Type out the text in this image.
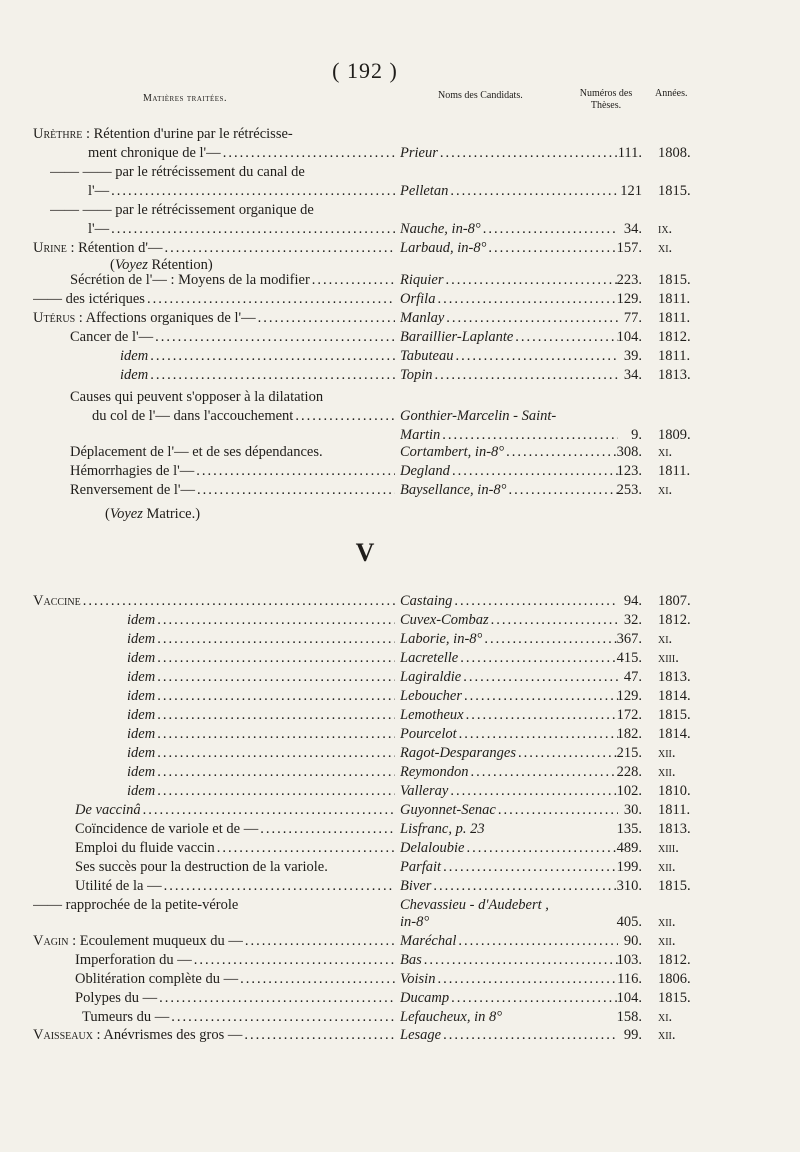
( 192 )
Matières traitées.	Noms des Candidats.	Numéros des Thèses.
Années.
Urèthre : Rétention d'urine par le rétrécisse-
ment chronique de l'— .....	Prieur .....	111. 1808.
—— —— par le rétrécissement du canal de
l'— .....	Pelletan .....	121 1815.
—— —— par le rétrécissement organique de
l'— .....	Nauche, in-8° .....	34. ix.
Urine : Rétention d'— .....	Larbaud, in-8° .....	157. xi.
(Voyez Rétention)
Sécrétion de l'— : Moyens de la modifier .....	Riquier .....	223. 1815.
—— des ictériques .....	Orfila .....	129. 1811.
Utérus : Affections organiques de l'— .....	Manlay .....	77. 1811.
Cancer de l'— .....	Baraillier-Laplante .....	104. 1812.
idem .....	Tabuteau .....	39. 1811.
idem .....	Topin .....	34. 1813.
Causes qui peuvent s'opposer à la dilatation
du col de l'— dans l'accouchement .....	Gonthier-Marcelin - Saint-
Martin .....	9. 1809.
Déplacement de l'— et de ses dépendances.	Cortambert, in-8° .....	308. xi.
Hémorrhagies de l'— .....	Degland .....	123. 1811.
Renversement de l'— .....	Baysellance, in-8° .....	253. xi.
(Voyez Matrice.)
V
Vaccine .....	Castaing .....	94. 1807.
idem .....	Cuvex-Combaz .....	32. 1812.
idem .....	Laborie, in-8° .....	367. xi.
idem .....	Lacretelle .....	415. xiii.
idem .....	Lagiraldie .....	47. 1813.
idem .....	Leboucher .....	129. 1814.
idem .....	Lemotheux .....	172. 1815.
idem .....	Pourcelot .....	182. 1814.
idem .....	Ragot-Desparanges .....	215. xii.
idem .....	Reymondon .....	228. xii.
idem .....	Valleray .....	102. 1810.
De vaccinâ .....	Guyonnet-Senac .....	30. 1811.
Coïncidence de variole et de — .....	Lisfranc, p. 23	135. 1813.
Emploi du fluide vaccin .....	Delaloubie .....	489. xiii.
Ses succès pour la destruction de la variole.	Parfait .....	199. xii.
Utilité de la — .....	Biver .....	310. 1815.
—— rapprochée de la petite-vérole	Chevassieu - d'Audebert ,
in-8°	405. xii.
Vagin : Ecoulement muqueux du — .....	Maréchal .....	90. xii.
Imperforation du — .....	Bas .....	103. 1812.
Oblitération complète du — .....	Voisin .....	116. 1806.
Polypes du — .....	Ducamp .....	104. 1815.
Tumeurs du — .....	Lefaucheux, in 8°	158. xi.
Vaisseaux : Anévrismes des gros — .....	Lesage .....	99. xii.
